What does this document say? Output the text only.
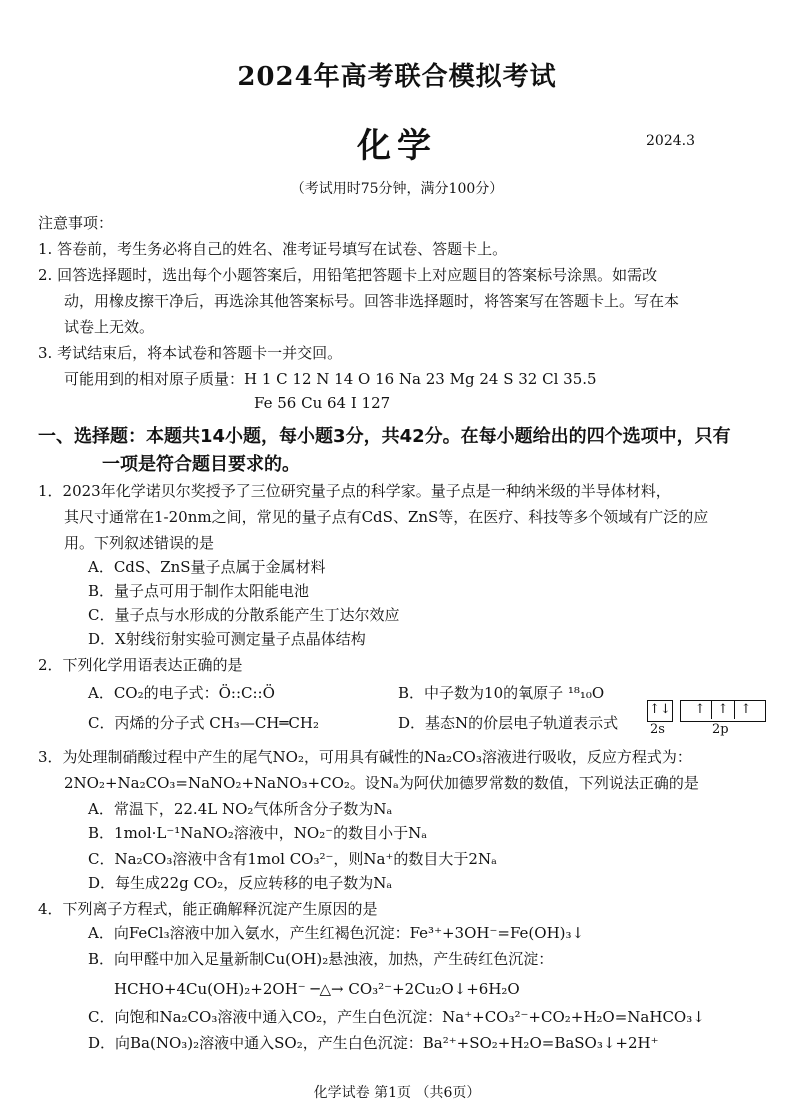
2024年高考联合模拟考试
化学	2024.3
（考试用时75分钟，满分100分）
注意事项：
1. 答卷前，考生务必将自己的姓名、准考证号填写在试卷、答题卡上。
2. 回答选择题时，选出每个小题答案后，用铅笔把答题卡上对应题目的答案标号涂黑。如需改
动，用橡皮擦干净后，再选涂其他答案标号。回答非选择题时，将答案写在答题卡上。写在本
试卷上无效。
3. 考试结束后，将本试卷和答题卡一并交回。
可能用到的相对原子质量：H 1 C 12 N 14 O 16 Na 23 Mg 24 S 32 Cl 35.5
Fe 56 Cu 64 I 127
一、选择题：本题共14小题，每小题3分，共42分。在每小题给出的四个选项中，只有
一项是符合题目要求的。
1．2023年化学诺贝尔奖授予了三位研究量子点的科学家。量子点是一种纳米级的半导体材料，
其尺寸通常在1-20nm之间，常见的量子点有CdS、ZnS等，在医疗、科技等多个领域有广泛的应
用。下列叙述错误的是
A．CdS、ZnS量子点属于金属材料
B．量子点可用于制作太阳能电池
C．量子点与水形成的分散系能产生丁达尔效应
D．X射线衍射实验可测定量子点晶体结构
2．下列化学用语表达正确的是
A．CO₂的电子式：Ö::C::Ö	B．中子数为10的氧原子 ¹⁸₁₀O
C．丙烯的分子式 CH₃—CH═CH₂	D．基态N的价层电子轨道表示式
↑↓	↑ ↑ ↑
2s	2p
3．为处理制硝酸过程中产生的尾气NO₂，可用具有碱性的Na₂CO₃溶液进行吸收，反应方程式为：
2NO₂+Na₂CO₃=NaNO₂+NaNO₃+CO₂。设Nₐ为阿伏加德罗常数的数值，下列说法正确的是
A．常温下，22.4L NO₂气体所含分子数为Nₐ
B．1mol·L⁻¹NaNO₂溶液中，NO₂⁻的数目小于Nₐ
C．Na₂CO₃溶液中含有1mol CO₃²⁻，则Na⁺的数目大于2Nₐ
D．每生成22g CO₂，反应转移的电子数为Nₐ
4．下列离子方程式，能正确解释沉淀产生原因的是
A．向FeCl₃溶液中加入氨水，产生红褐色沉淀：Fe³⁺+3OH⁻=Fe(OH)₃↓
B．向甲醛中加入足量新制Cu(OH)₂悬浊液，加热，产生砖红色沉淀：
HCHO+4Cu(OH)₂+2OH⁻ ─△→ CO₃²⁻+2Cu₂O↓+6H₂O
C．向饱和Na₂CO₃溶液中通入CO₂，产生白色沉淀：Na⁺+CO₃²⁻+CO₂+H₂O=NaHCO₃↓
D．向Ba(NO₃)₂溶液中通入SO₂，产生白色沉淀：Ba²⁺+SO₂+H₂O=BaSO₃↓+2H⁺
化学试卷 第1页 （共6页）
